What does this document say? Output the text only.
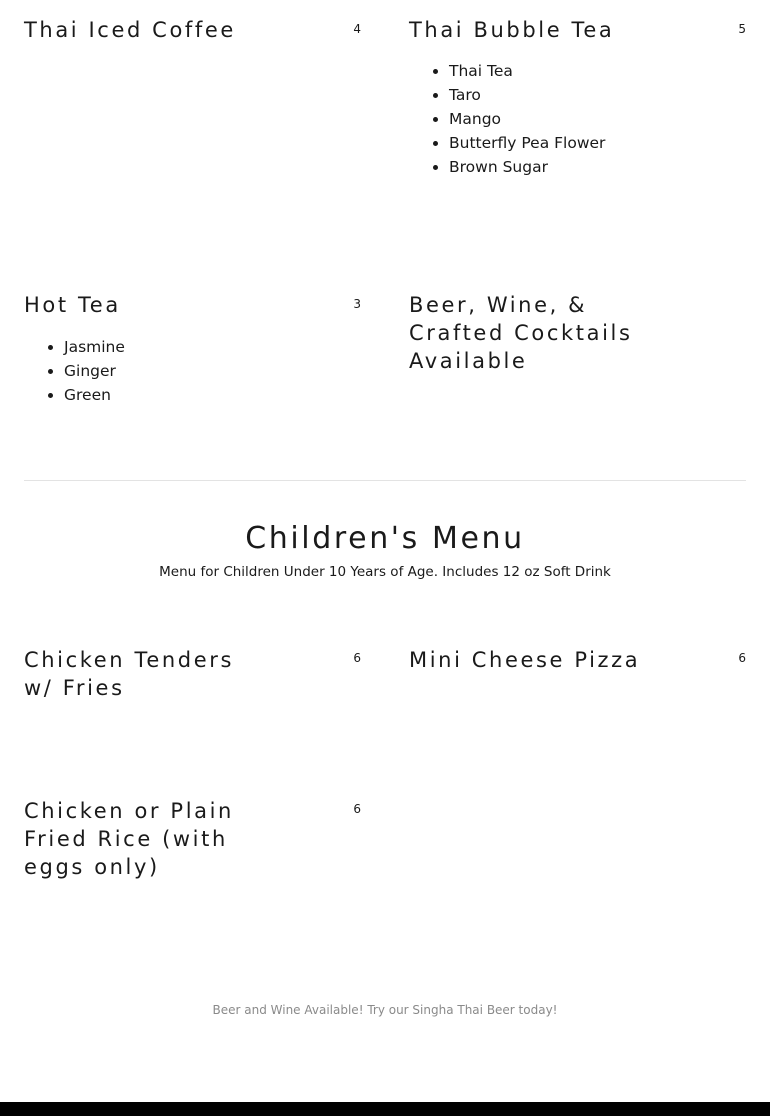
Thai Iced Coffee	4 Thai Bubble Tea	5
• Thai Tea
• Taro
• Mango
• Butterfly Pea Flower
• Brown Sugar
Hot Tea	3
• Jasmine
• Ginger
• Green
Beer, Wine, &
Crafted Cocktails
Available
Children's Menu
Menu for Children Under 10 Years of Age. Includes 12 oz Soft Drink
Chicken Tenders
w/ Fries
6 Mini Cheese Pizza	6
Chicken or Plain
Fried Rice (with
eggs only)
6
Beer and Wine Available! Try our Singha Thai Beer today!
